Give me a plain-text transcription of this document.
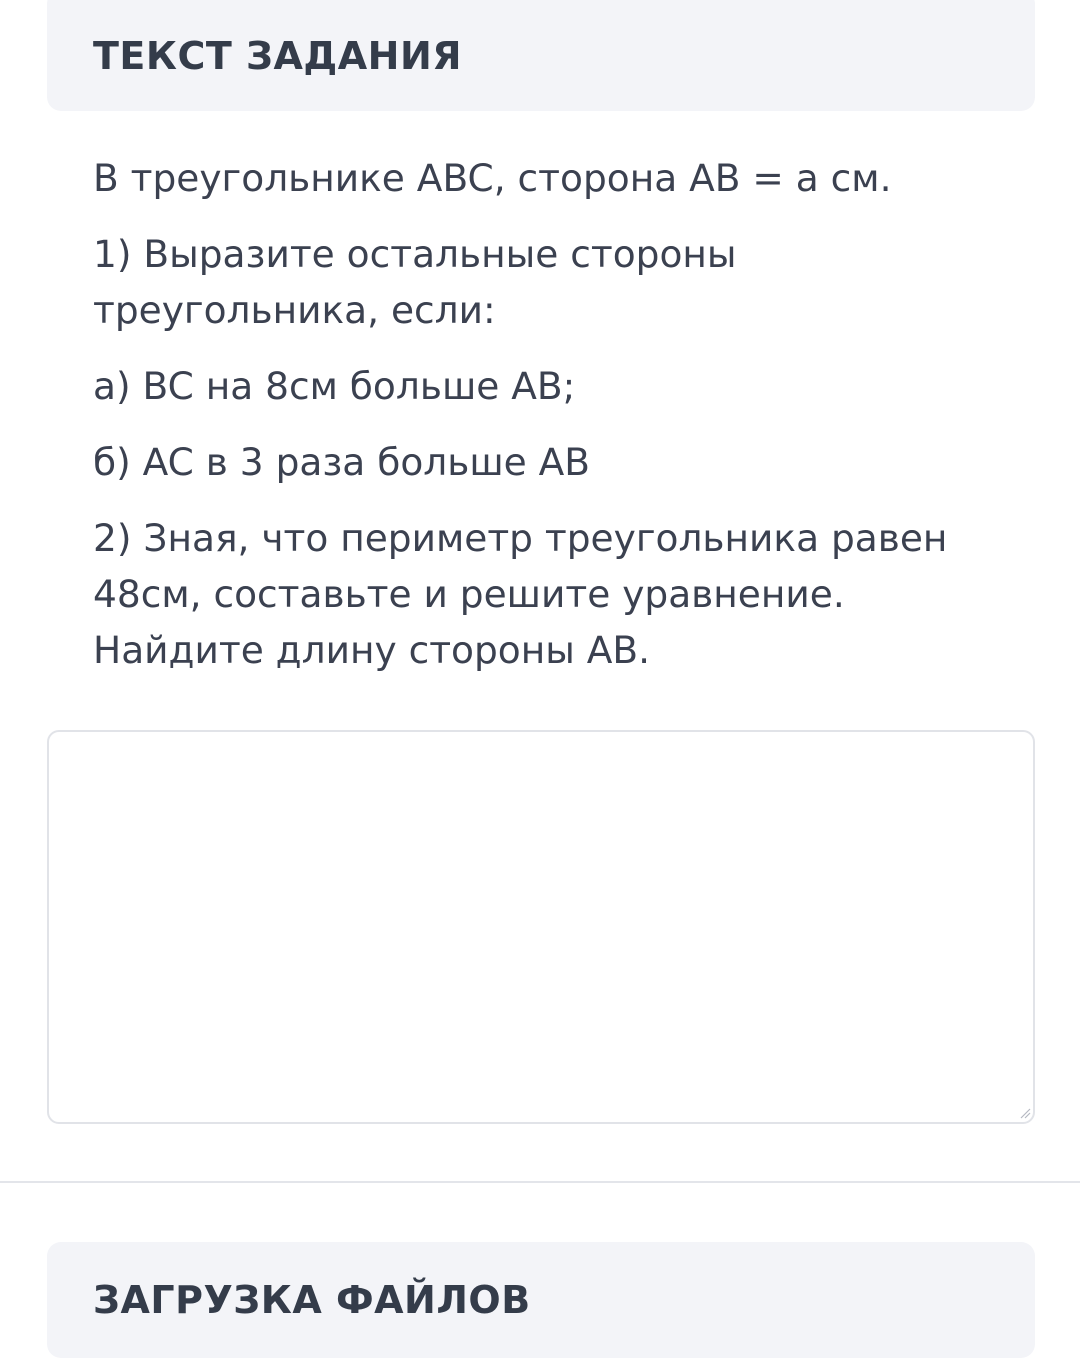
ТЕКСТ ЗАДАНИЯ

В треугольнике ABC, сторона AB = a см.

1) Выразите остальные стороны треугольника, если:

а) BC на 8см больше AB;

б) AC в 3 раза больше AB

2) Зная, что периметр треугольника равен 48см, составьте и решите уравнение. Найдите длину стороны AB.

ЗАГРУЗКА ФАЙЛОВ
